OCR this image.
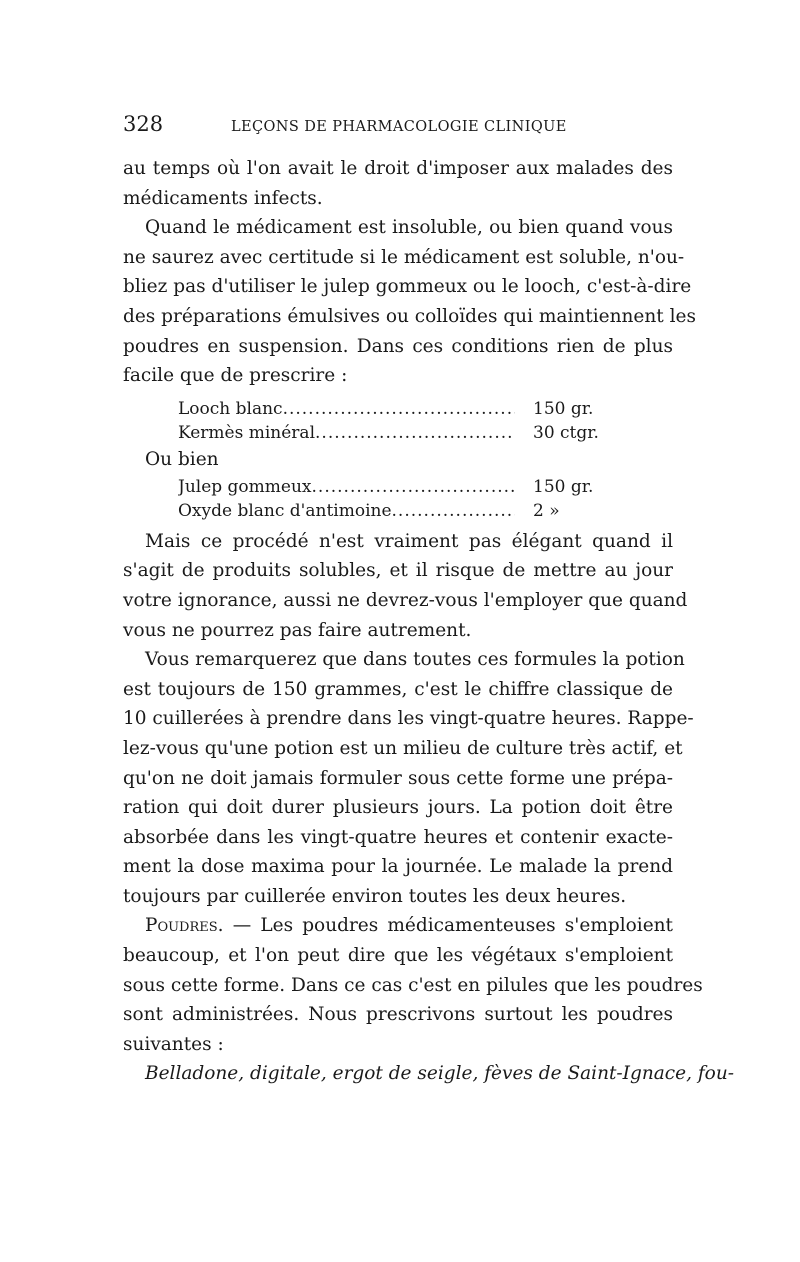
328	LEÇONS DE PHARMACOLOGIE CLINIQUE

au temps où l'on avait le droit d'imposer aux malades des
médicaments infects.

Quand le médicament est insoluble, ou bien quand vous
ne saurez avec certitude si le médicament est soluble, n'ou-
bliez pas d'utiliser le julep gommeux ou le looch, c'est-à-dire
des préparations émulsives ou colloïdes qui maintiennent les
poudres en suspension. Dans ces conditions rien de plus
facile que de prescrire :

Looch blanc .....	150 gr.
Kermès minéral .....	30 ctgr.
Ou bien
Julep gommeux .....	150 gr.
Oxyde blanc d'antimoine .....	2 »

Mais ce procédé n'est vraiment pas élégant quand il
s'agit de produits solubles, et il risque de mettre au jour
votre ignorance, aussi ne devrez-vous l'employer que quand
vous ne pourrez pas faire autrement.

Vous remarquerez que dans toutes ces formules la potion
est toujours de 150 grammes, c'est le chiffre classique de
10 cuillerées à prendre dans les vingt-quatre heures. Rappe-
lez-vous qu'une potion est un milieu de culture très actif, et
qu'on ne doit jamais formuler sous cette forme une prépa-
ration qui doit durer plusieurs jours. La potion doit être
absorbée dans les vingt-quatre heures et contenir exacte-
ment la dose maxima pour la journée. Le malade la prend
toujours par cuillerée environ toutes les deux heures.

Poudres. — Les poudres médicamenteuses s'emploient
beaucoup, et l'on peut dire que les végétaux s'emploient
sous cette forme. Dans ce cas c'est en pilules que les poudres
sont administrées. Nous prescrivons surtout les poudres
suivantes :

Belladone, digitale, ergot de seigle, fèves de Saint-Ignace, fou-
